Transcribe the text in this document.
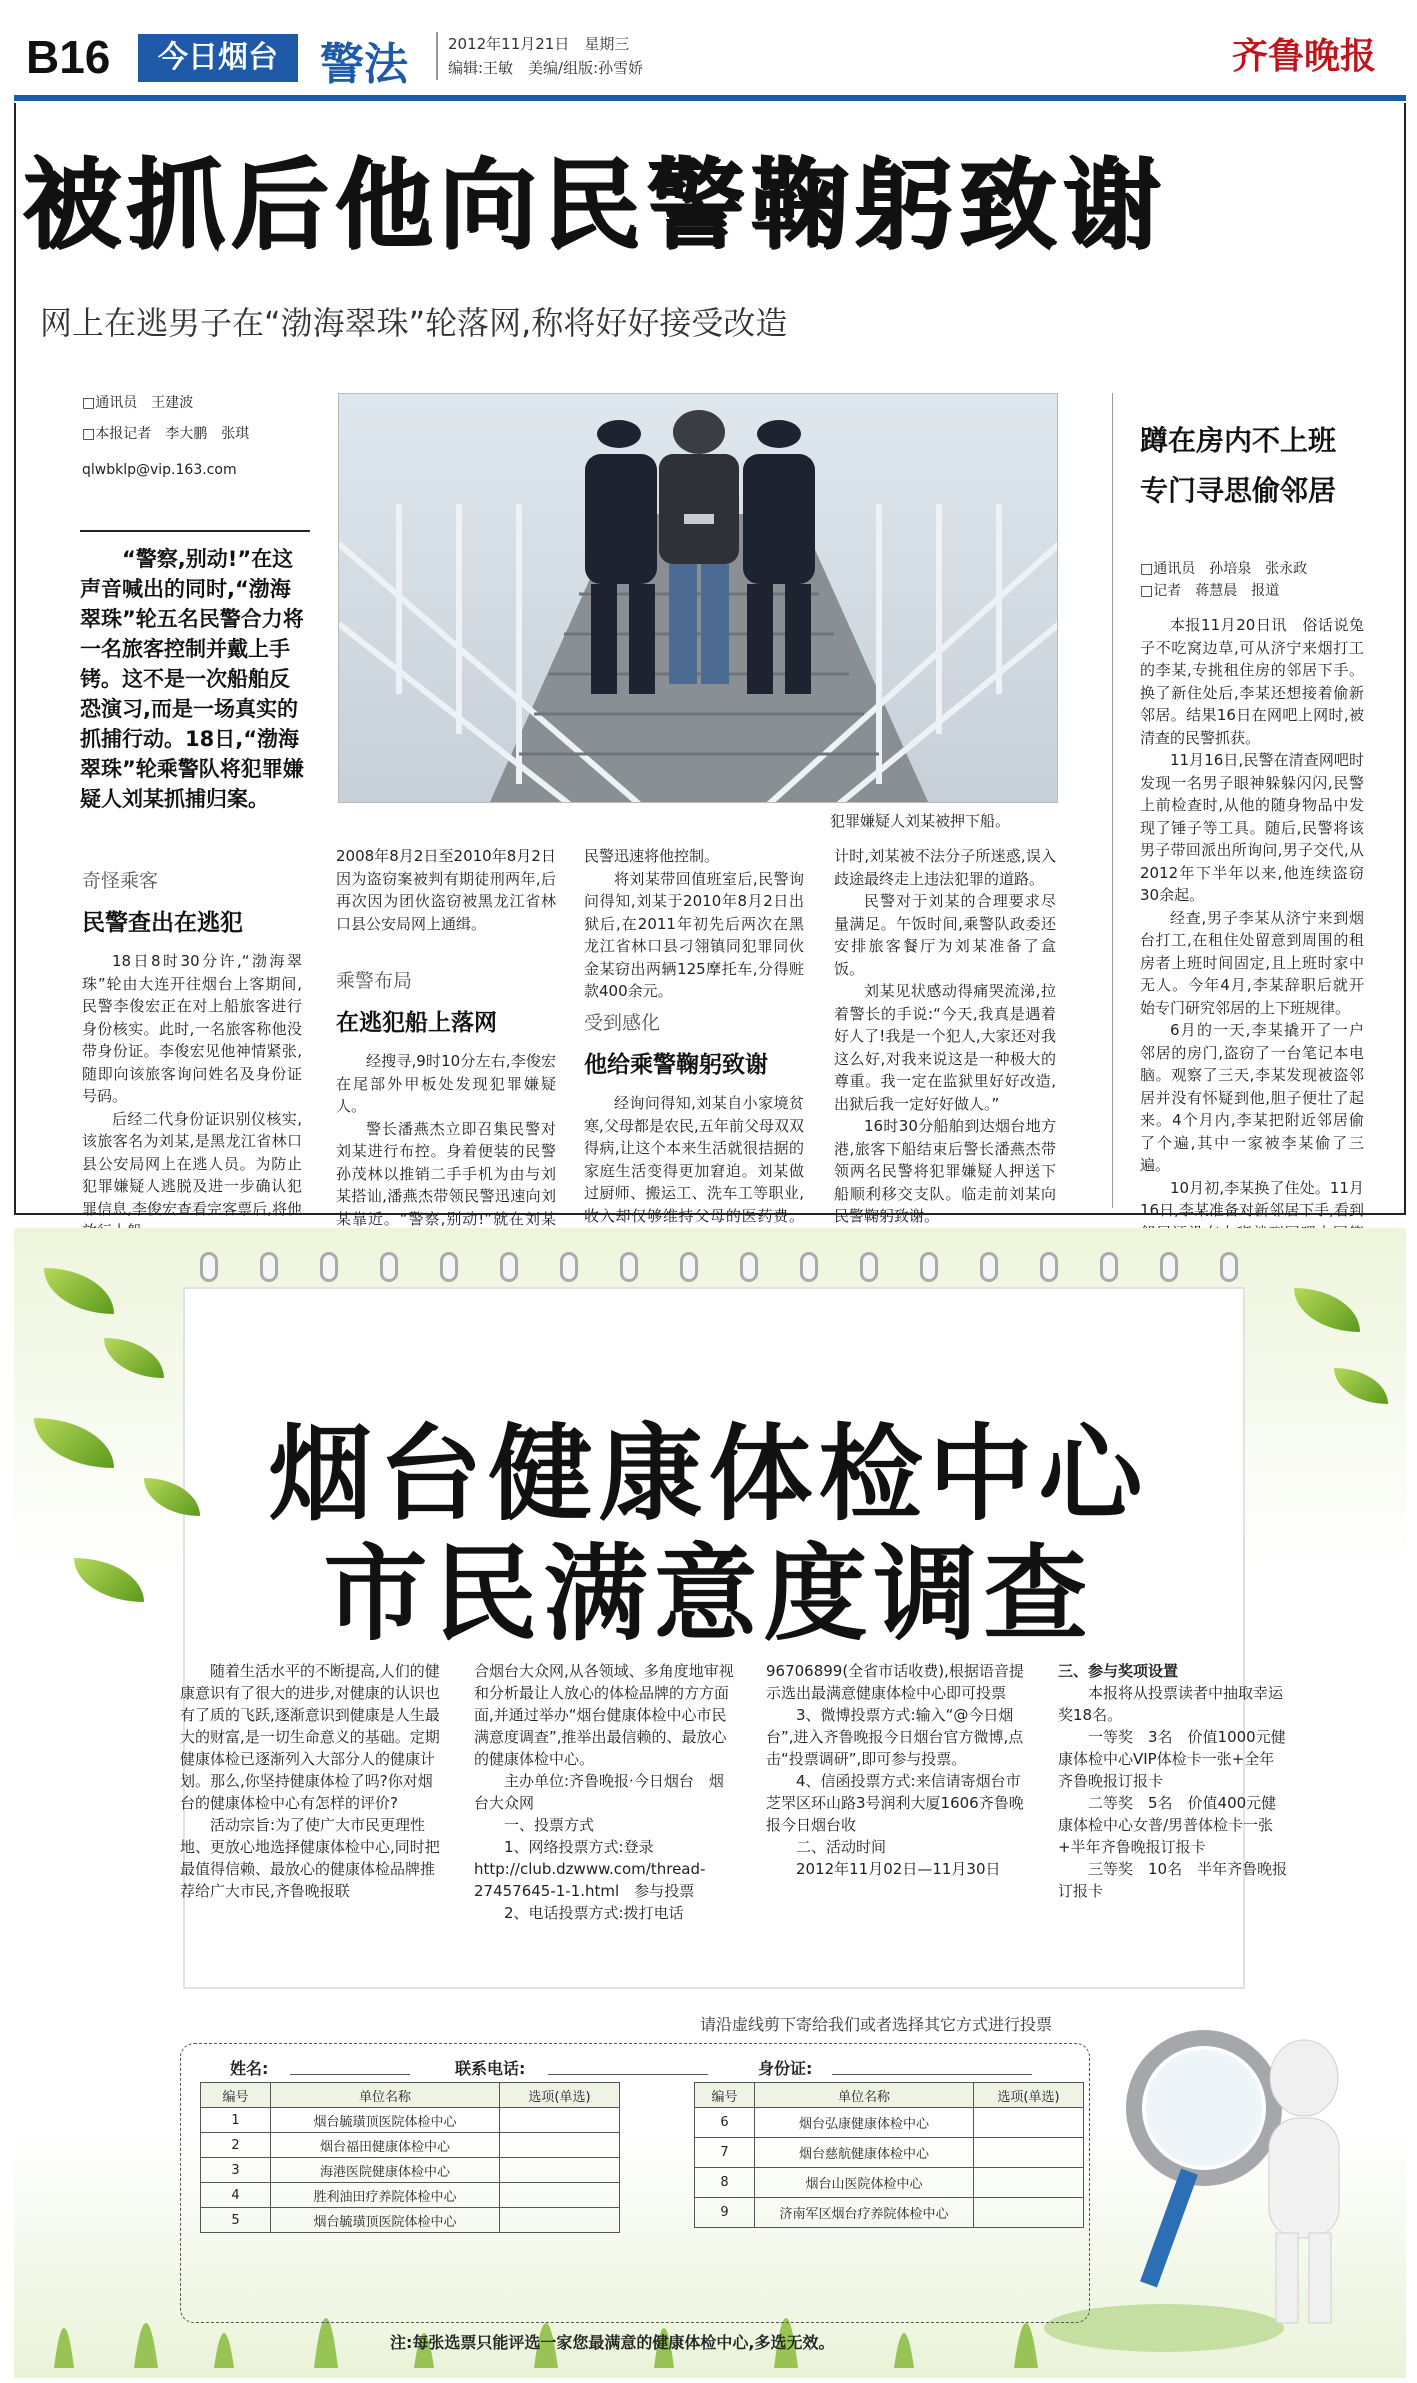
B16	今日烟台 警法	2012年11月21日　星期三
编辑:王敏　美编/组版:孙雪娇	齐鲁晚报
被抓后他向民警鞠躬致谢
网上在逃男子在“渤海翠珠”轮落网,称将好好接受改造
□通讯员　王建波
□本报记者　李大鹏　张琪
qlwbklp@vip.163.com
“警察,别动!”在这声音喊出的同时,“渤海翠珠”轮五名民警合力将一名旅客控制并戴上手铐。这不是一次船舶反恐演习,而是一场真实的抓捕行动。18日,“渤海翠珠”轮乘警队将犯罪嫌疑人刘某抓捕归案。
犯罪嫌疑人刘某被押下船。
蹲在房内不上班
专门寻思偷邻居
□通讯员　孙培泉　张永政
□记者　蒋慧晨　报道

本报11月20日讯　俗话说兔子不吃窝边草,可从济宁来烟打工的李某,专挑租住房的邻居下手。换了新住处后,李某还想接着偷新邻居。结果16日在网吧上网时,被清查的民警抓获。

11月16日,民警在清查网吧时发现一名男子眼神躲躲闪闪,民警上前检查时,从他的随身物品中发现了锤子等工具。随后,民警将该男子带回派出所询问,男子交代,从2012年下半年以来,他连续盗窃30余起。

经查,男子李某从济宁来到烟台打工,在租住处留意到周围的租房者上班时间固定,且上班时家中无人。今年4月,李某辞职后就开始专门研究邻居的上下班规律。

6月的一天,李某撬开了一户邻居的房门,盗窃了一台笔记本电脑。观察了三天,李某发现被盗邻居并没有怀疑到他,胆子便壮了起来。4个月内,李某把附近邻居偷了个遍,其中一家被李某偷了三遍。

10月初,李某换了住处。11月16日,李某准备对新邻居下手,看到

奇怪乘客
民警查出在逃犯

18日8时30分许,“渤海翠珠”轮由大连开往烟台上客期间,民警李俊宏正在对上船旅客进行身份核实。此时,一名旅客称他没带身份证。李俊宏见他神情紧张,随即向该旅客询问姓名及身份证号码。

后经二代身份证识别仪核实,该旅客名为刘某,是黑龙江省林口县公安局网上在逃人员。为防止犯罪嫌疑人逃脱及进一步确认犯罪信息,李俊宏查看完客票后,将他

2008年8月2日至2010年8月2日因为盗窃案被判有期徒刑两年,后再次因为团伙盗窃被黑龙江省林口县公安局网上通缉。

乘警布局
在逃犯船上落网

经搜寻,9时10分左右,李俊宏在尾部外甲板处发现犯罪嫌疑人。

警长潘燕杰立即召集民警对刘某进行布控。身着便装的民警孙茂林以推销二手手机为由与刘某搭讪,潘燕杰带领民警迅速向刘某靠近。“警察,别动!”就在刘某

民警迅速将他控制。

将刘某带回值班室后,民警询问得知,刘某于2010年8月2日出狱后,在2011年初先后两次在黑龙江省林口县刁翎镇同犯罪同伙金某窃出两辆125摩托车,分得赃款400余元。

受到感化
他给乘警鞠躬致谢

经询问得知,刘某自小家境贫寒,父母都是农民,五年前父母双双得病,让这个本来生活就很拮据的家庭生活变得更加窘迫。刘某做过厨师、搬运工、洗车工等职业,收入却仅够维持父母的医药费。

计时,刘某被不法分子所迷惑,误入歧途最终走上违法犯罪的道路。

民警对于刘某的合理要求尽量满足。午饭时间,乘警队政委还安排旅客餐厅为刘某准备了盒饭。

刘某见状感动得痛哭流涕,拉着警长的手说:“今天,我真是遇着好人了!我是一个犯人,大家还对我这么好,对我来说这是一种极大的尊重。我一定在监狱里好好改造,出狱后我一定好好做人。”

16时30分船舶到达烟台地方港,旅客下船结束后警长潘燕杰带领两名民警将犯罪嫌疑人押送下船顺利移交支队。临走前刘某向民警鞠躬致谢。

烟台健康体检中心
市民满意度调查

随着生活水平的不断提高,人们的健康意识有了很大的进步,对健康的认识也有了质的飞跃,逐渐意识到健康是人生最大的财富,是一切生命意义的基础。定期健康体检已逐渐列入大部分人的健康计划。那么,你坚持健康体检了吗?你对烟台的健康体检中心有怎样的评价?

活动宗旨:为了使广大市民更理性地、更放心地选择健康体检中心,同时把最值得信赖、最放心的健康体检品牌推荐给广大市民,齐鲁晚报联

合烟台大众网,从各领域、多角度地审视和分析最让人放心的体检品牌的方方面面,并通过举办“烟台健康体检中心市民满意度调查”,推举出最信赖的、最放心的健康体检中心。

主办单位:齐鲁晚报·今日烟台　烟台大众网

一、投票方式

1、网络投票方式:登录http://club.dzwww.com/thread-27457645-1-1.html　参与投票

2、电话投票方式:拨打电话

96706899(全省市话收费),根据语音提示选出最满意健康体检中心即可投票

3、微博投票方式:输入“@今日烟台”,进入齐鲁晚报今日烟台官方微博,点击“投票调研”,即可参与投票。

4、信函投票方式:来信请寄烟台市芝罘区环山路3号润利大厦1606齐鲁晚报今日烟台收

二、活动时间

2012年11月02日—11月30日

三、参与奖项设置

本报将从投票读者中抽取幸运奖18名。

一等奖　3名　价值1000元健康体检中心VIP体检卡一张+全年齐鲁晚报订报卡

二等奖　5名　价值400元健康体检中心女普/男普体检卡一张+半年齐鲁晚报订报卡

三等奖　10名　半年齐鲁晚报订报卡

请沿虚线剪下寄给我们或者选择其它方式进行投票
姓名:	联系电话:	身份证:
编号	单位名称	选项(单选)
1	烟台毓璜顶医院体检中心	
2	烟台福田健康体检中心	
3	海港医院健康体检中心	
4	胜利油田疗养院体检中心	
5	烟台毓璜顶医院体检中心	
编号	单位名称	选项(单选)
6	烟台弘康健康体检中心	
7	烟台慈航健康体检中心	
8	烟台山医院体检中心	
9	济南军区烟台疗养院体检中心	
注:每张选票只能评选一家您最满意的健康体检中心,多选无效。
